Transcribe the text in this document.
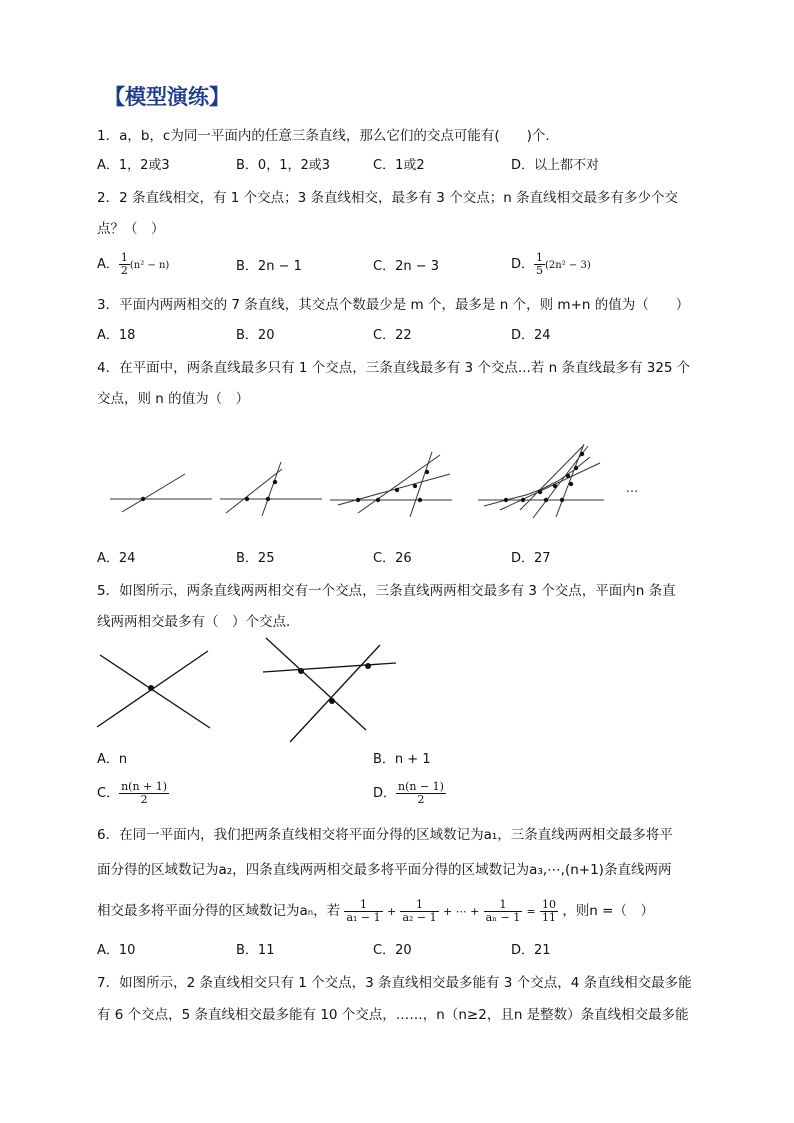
【模型演练】
1．a，b，c为同一平面内的任意三条直线，那么它们的交点可能有(　　)个．
A．1，2或3	B．0，1，2或3	C．1或2	D．以上都不对
2．2 条直线相交，有 1 个交点；3 条直线相交，最多有 3 个交点；n 条直线相交最多有多少个交
点？（　）
A． $\frac{1}{2} (n^2 - n)$	B．2n − 1	C．2n − 3	D． $\frac{1}{5} (2n^2 - 3)$
3．平面内两两相交的 7 条直线，其交点个数最少是 m 个，最多是 n 个，则 m+n 的值为（　　）
A．18	B．20	C．22	D．24
4．在平面中，两条直线最多只有 1 个交点，三条直线最多有 3 个交点...若 n 条直线最多有 325 个
交点，则 n 的值为（　）
…
A．24	B．25	C．26	D．27
5．如图所示，两条直线两两相交有一个交点，三条直线两两相交最多有 3 个交点，平面内n 条直
线两两相交最多有（　）个交点．
A．n	B．n + 1
C． $\frac{n(n + 1)}{2}$	D． $\frac{n(n - 1)}{2}$
6．在同一平面内，我们把两条直线相交将平面分得的区域数记为a₁，三条直线两两相交最多将平
面分得的区域数记为a₂，四条直线两两相交最多将平面分得的区域数记为a₃,⋯,(n+1)条直线两两
相交最多将平面分得的区域数记为aₙ，若 $\frac{1}{\text{a₁ − 1}} + \frac{1}{\text{a₂ − 1}}$ + ⋯ + $\frac{1}{\text{aₙ − 1}} = \frac{10}{11}$ ，则n =（　）
A．10	B．11	C．20	D．21
7．如图所示，2 条直线相交只有 1 个交点，3 条直线相交最多能有 3 个交点，4 条直线相交最多能
有 6 个交点，5 条直线相交最多能有 10 个交点，……，n（n≥2，且n 是整数）条直线相交最多能
